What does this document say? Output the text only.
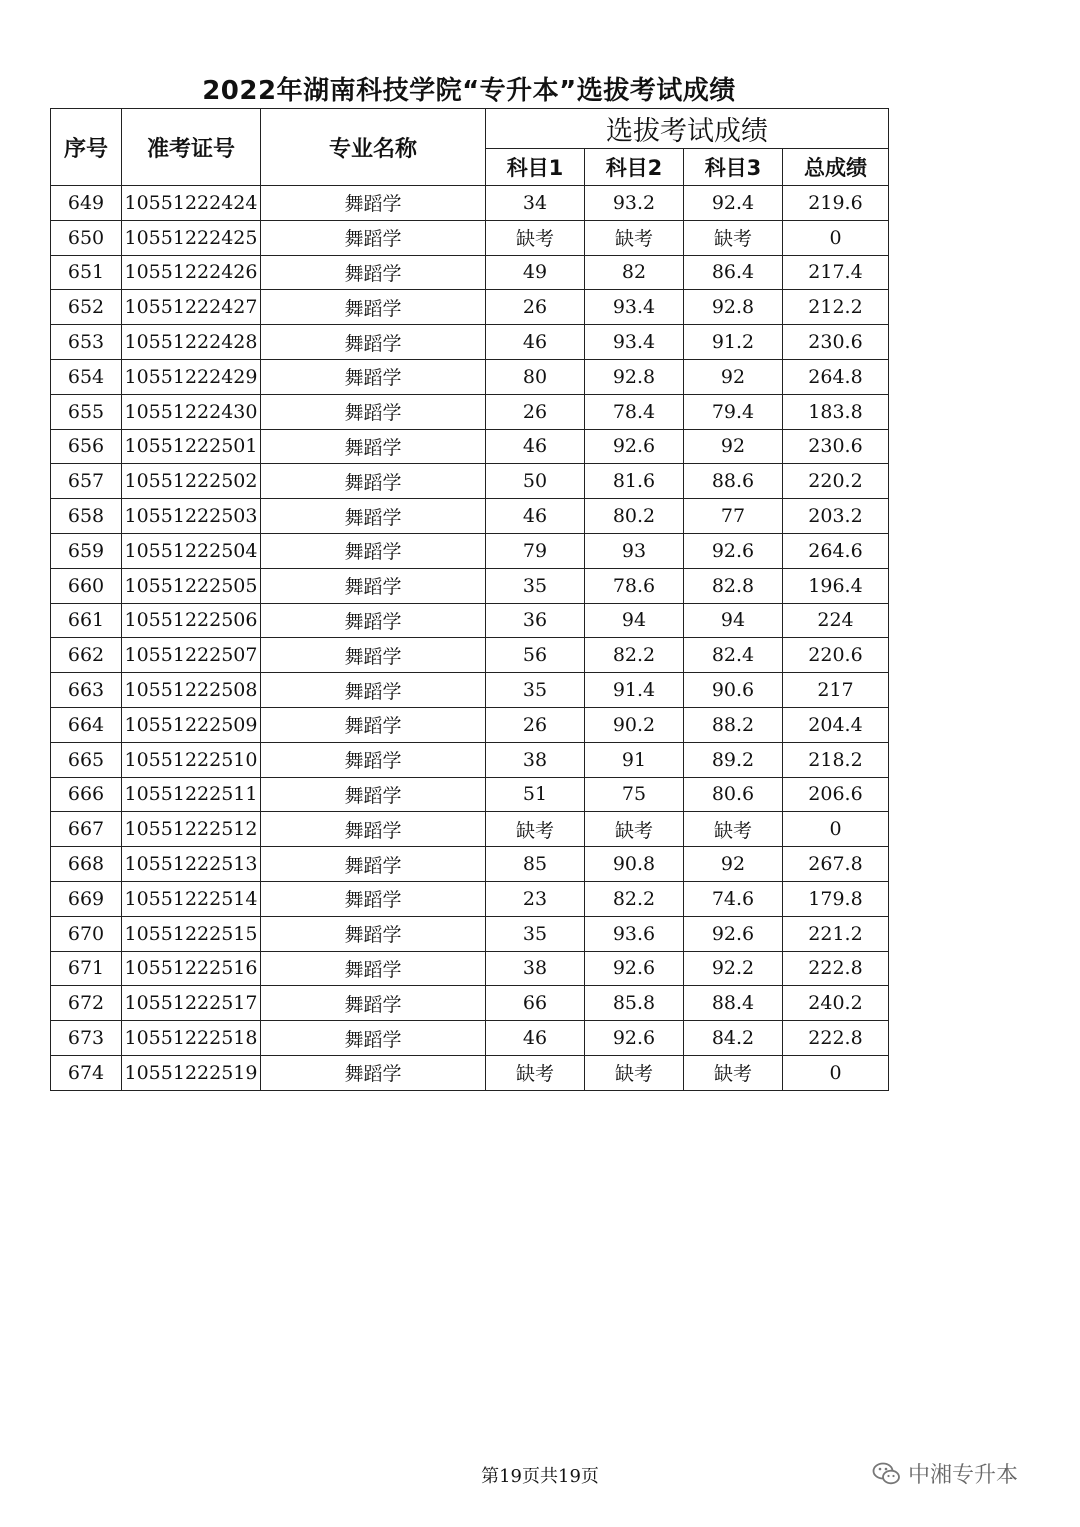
2022年湖南科技学院“专升本”选拔考试成绩
序号	准考证号	专业名称	选拔考试成绩			
			科目1	科目2	科目3	总成绩
649	10551222424	舞蹈学	34	93.2	92.4	219.6
650	10551222425	舞蹈学	缺考	缺考	缺考	0
651	10551222426	舞蹈学	49	82	86.4	217.4
652	10551222427	舞蹈学	26	93.4	92.8	212.2
653	10551222428	舞蹈学	46	93.4	91.2	230.6
654	10551222429	舞蹈学	80	92.8	92	264.8
655	10551222430	舞蹈学	26	78.4	79.4	183.8
656	10551222501	舞蹈学	46	92.6	92	230.6
657	10551222502	舞蹈学	50	81.6	88.6	220.2
658	10551222503	舞蹈学	46	80.2	77	203.2
659	10551222504	舞蹈学	79	93	92.6	264.6
660	10551222505	舞蹈学	35	78.6	82.8	196.4
661	10551222506	舞蹈学	36	94	94	224
662	10551222507	舞蹈学	56	82.2	82.4	220.6
663	10551222508	舞蹈学	35	91.4	90.6	217
664	10551222509	舞蹈学	26	90.2	88.2	204.4
665	10551222510	舞蹈学	38	91	89.2	218.2
666	10551222511	舞蹈学	51	75	80.6	206.6
667	10551222512	舞蹈学	缺考	缺考	缺考	0
668	10551222513	舞蹈学	85	90.8	92	267.8
669	10551222514	舞蹈学	23	82.2	74.6	179.8
670	10551222515	舞蹈学	35	93.6	92.6	221.2
671	10551222516	舞蹈学	38	92.6	92.2	222.8
672	10551222517	舞蹈学	66	85.8	88.4	240.2
673	10551222518	舞蹈学	46	92.6	84.2	222.8
674	10551222519	舞蹈学	缺考	缺考	缺考	0
第19页共19页	中湘专升本
